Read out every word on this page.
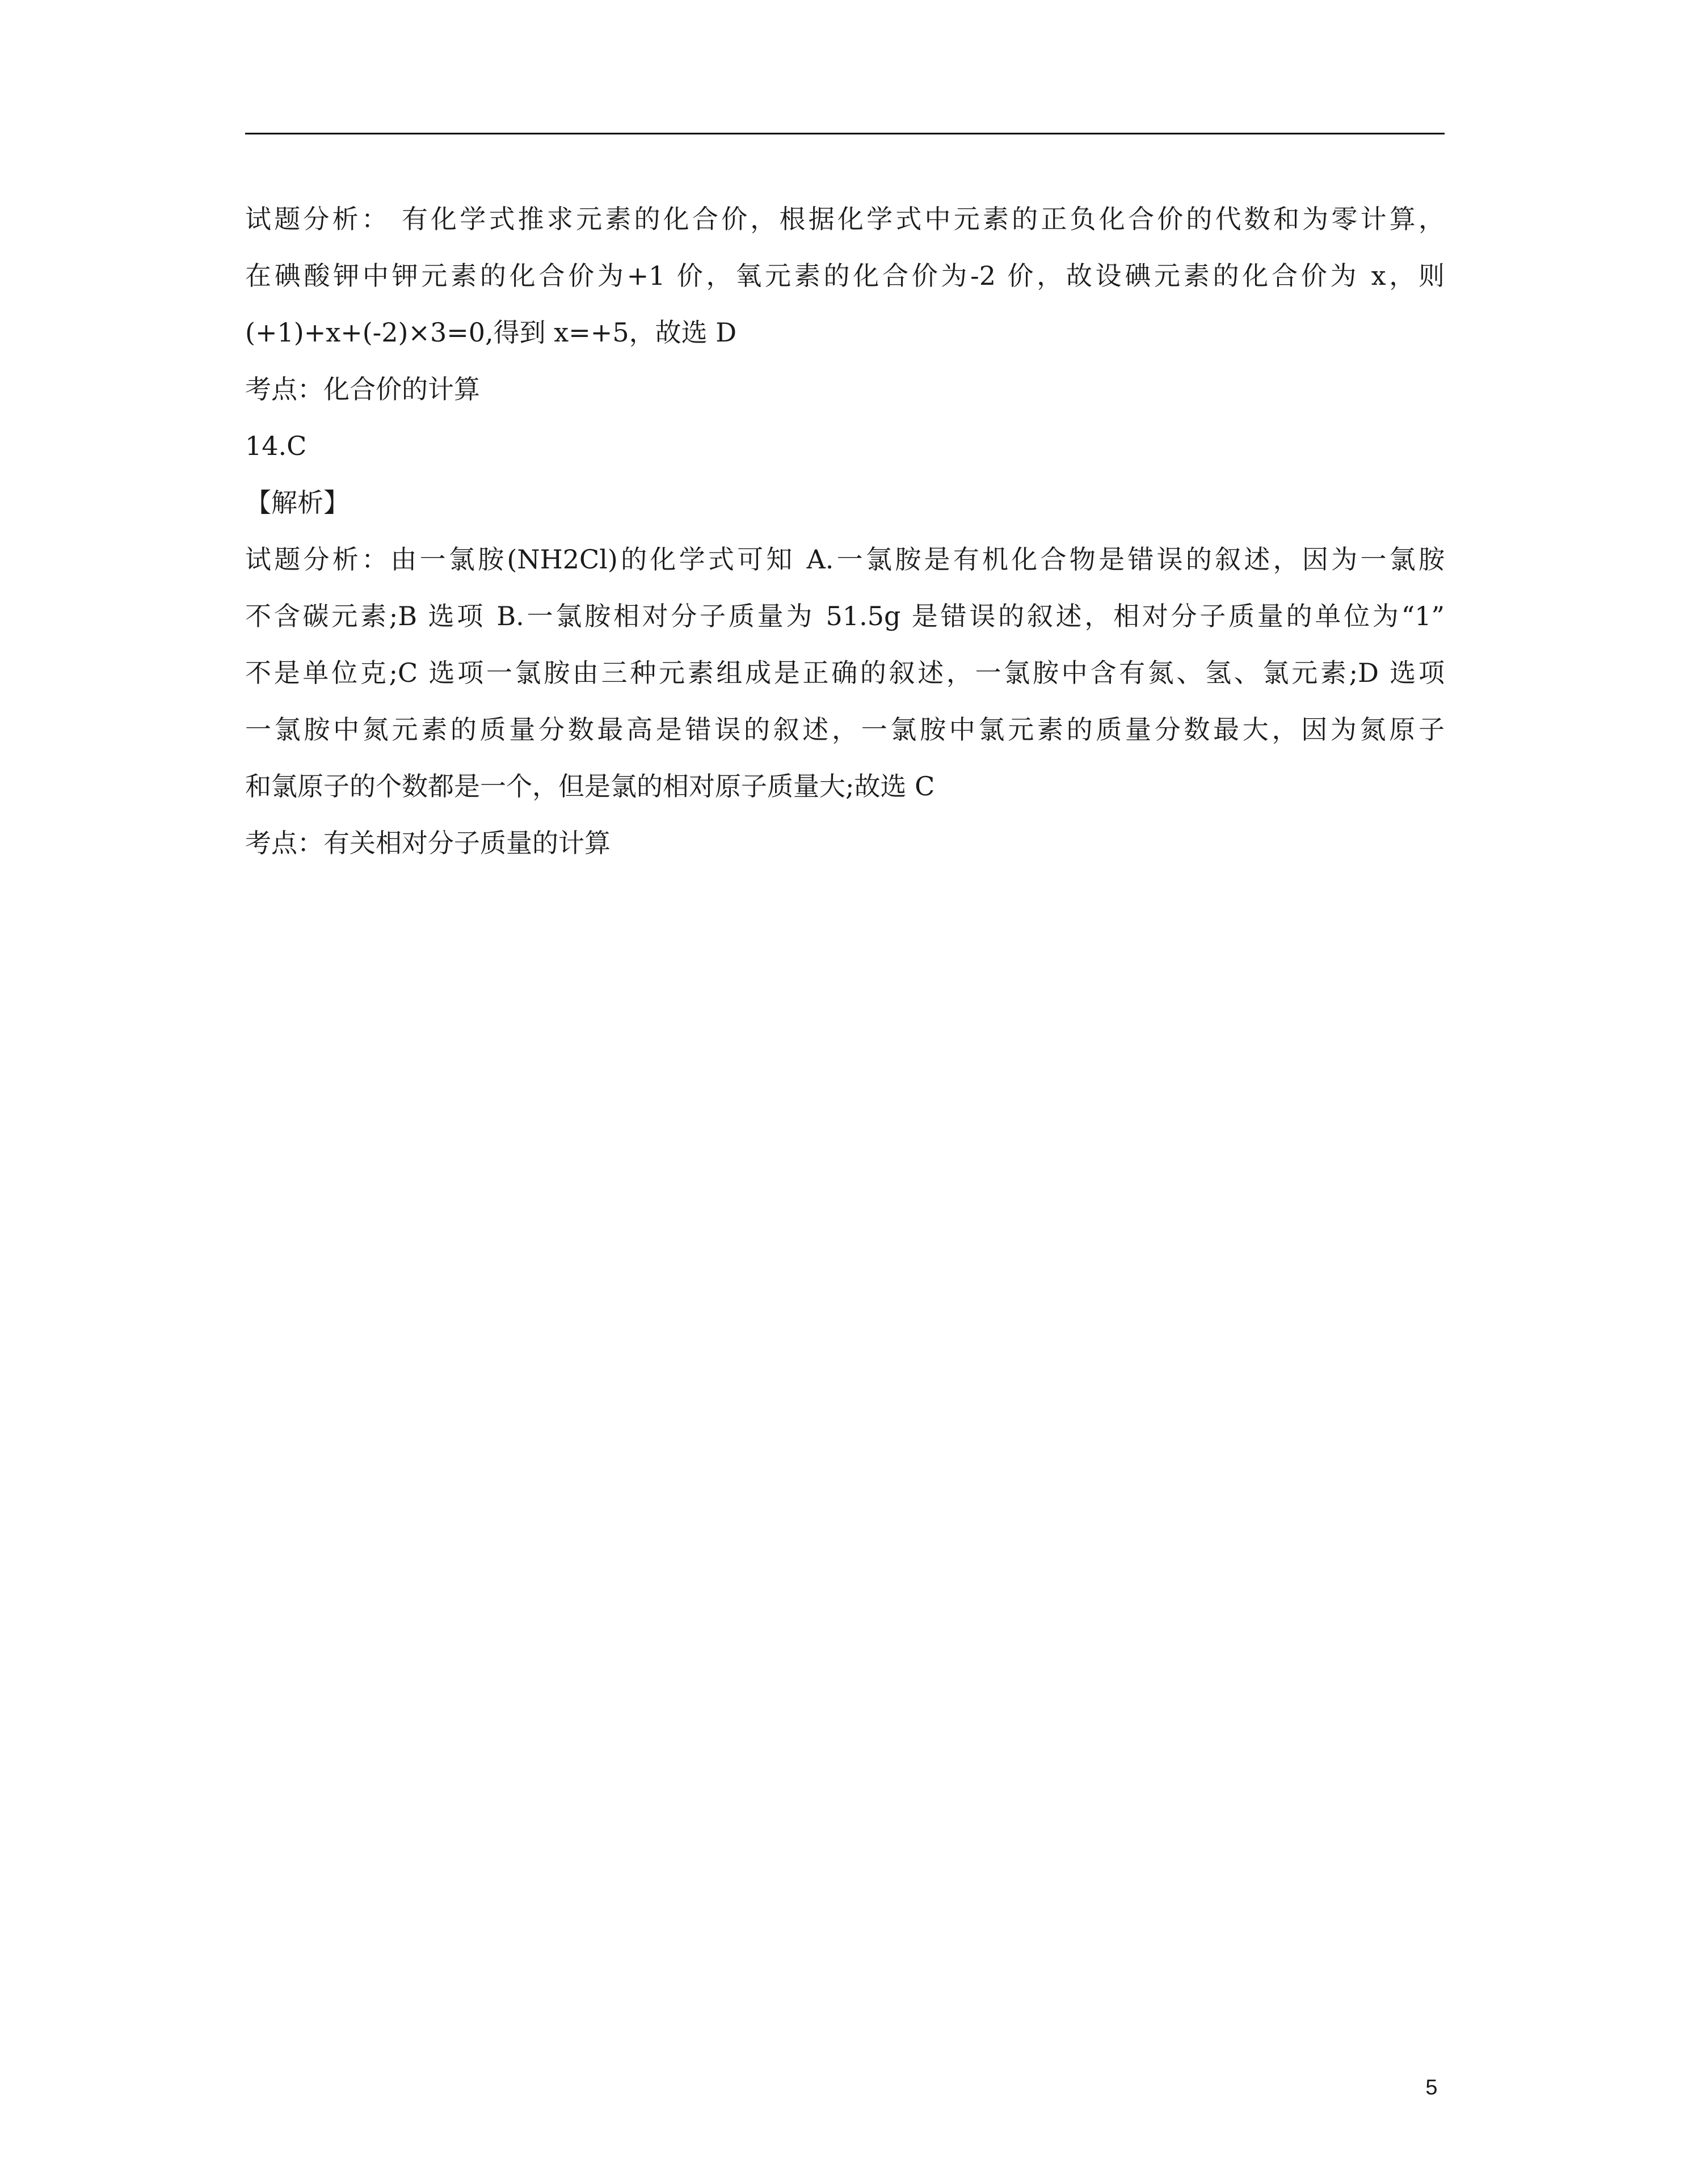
试题分析： 有化学式推求元素的化合价，根据化学式中元素的正负化合价的代数和为零计算，
在碘酸钾中钾元素的化合价为+1 价，氧元素的化合价为-2 价，故设碘元素的化合价为 x，则
(+1)+x+(-2)×3=0,得到 x=+5，故选 D
考点：化合价的计算
14.C
【解析】
试题分析：由一氯胺(NH2Cl)的化学式可知 A.一氯胺是有机化合物是错误的叙述，因为一氯胺
不含碳元素;B 选项 B.一氯胺相对分子质量为 51.5g 是错误的叙述，相对分子质量的单位为“1”
不是单位克;C 选项一氯胺由三种元素组成是正确的叙述，一氯胺中含有氮、氢、氯元素;D 选项
一氯胺中氮元素的质量分数最高是错误的叙述，一氯胺中氯元素的质量分数最大，因为氮原子
和氯原子的个数都是一个，但是氯的相对原子质量大;故选 C
考点：有关相对分子质量的计算
5
